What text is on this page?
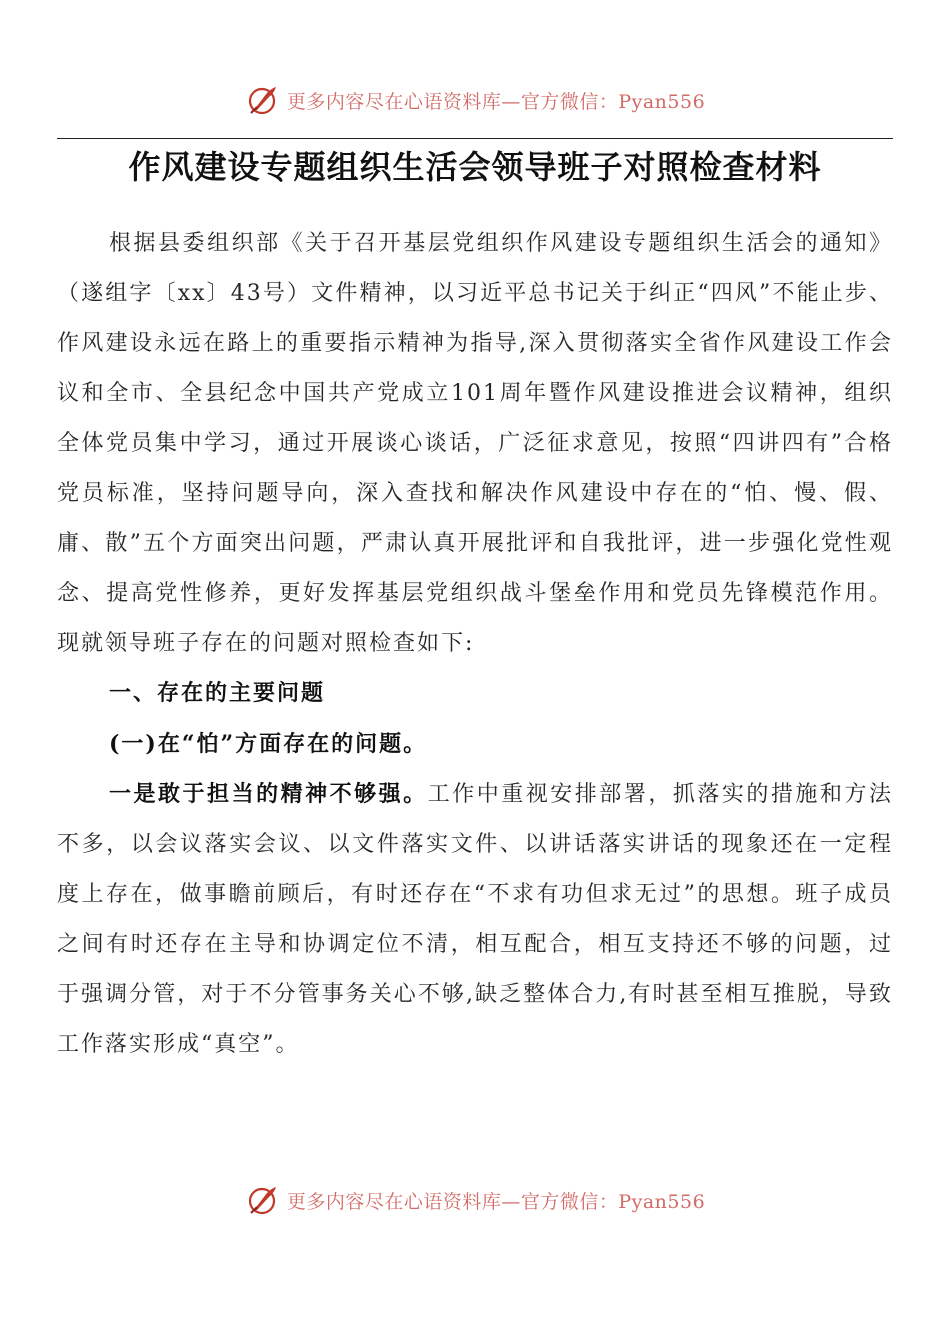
更多内容尽在心语资料库—官方微信：Pyan556
作风建设专题组织生活会领导班子对照检查材料

根据县委组织部《关于召开基层党组织作风建设专题组织生活会的通知》（遂组字〔xx〕43号）文件精神，以习近平总书记关于纠正“四风”不能止步、作风建设永远在路上的重要指示精神为指导,深入贯彻落实全省作风建设工作会议和全市、全县纪念中国共产党成立101周年暨作风建设推进会议精神，组织全体党员集中学习，通过开展谈心谈话，广泛征求意见，按照“四讲四有”合格党员标准，坚持问题导向，深入查找和解决作风建设中存在的“怕、慢、假、庸、散”五个方面突出问题，严肃认真开展批评和自我批评，进一步强化党性观念、提高党性修养，更好发挥基层党组织战斗堡垒作用和党员先锋模范作用。现就领导班子存在的问题对照检查如下:

一、存在的主要问题

(一)在“怕”方面存在的问题。

一是敢于担当的精神不够强。工作中重视安排部署，抓落实的措施和方法不多，以会议落实会议、以文件落实文件、以讲话落实讲话的现象还在一定程度上存在，做事瞻前顾后，有时还存在“不求有功但求无过”的思想。班子成员之间有时还存在主导和协调定位不清，相互配合，相互支持还不够的问题，过于强调分管，对于不分管事务关心不够,缺乏整体合力,有时甚至相互推脱，导致工作落实形成“真空”。

更多内容尽在心语资料库—官方微信：Pyan556
